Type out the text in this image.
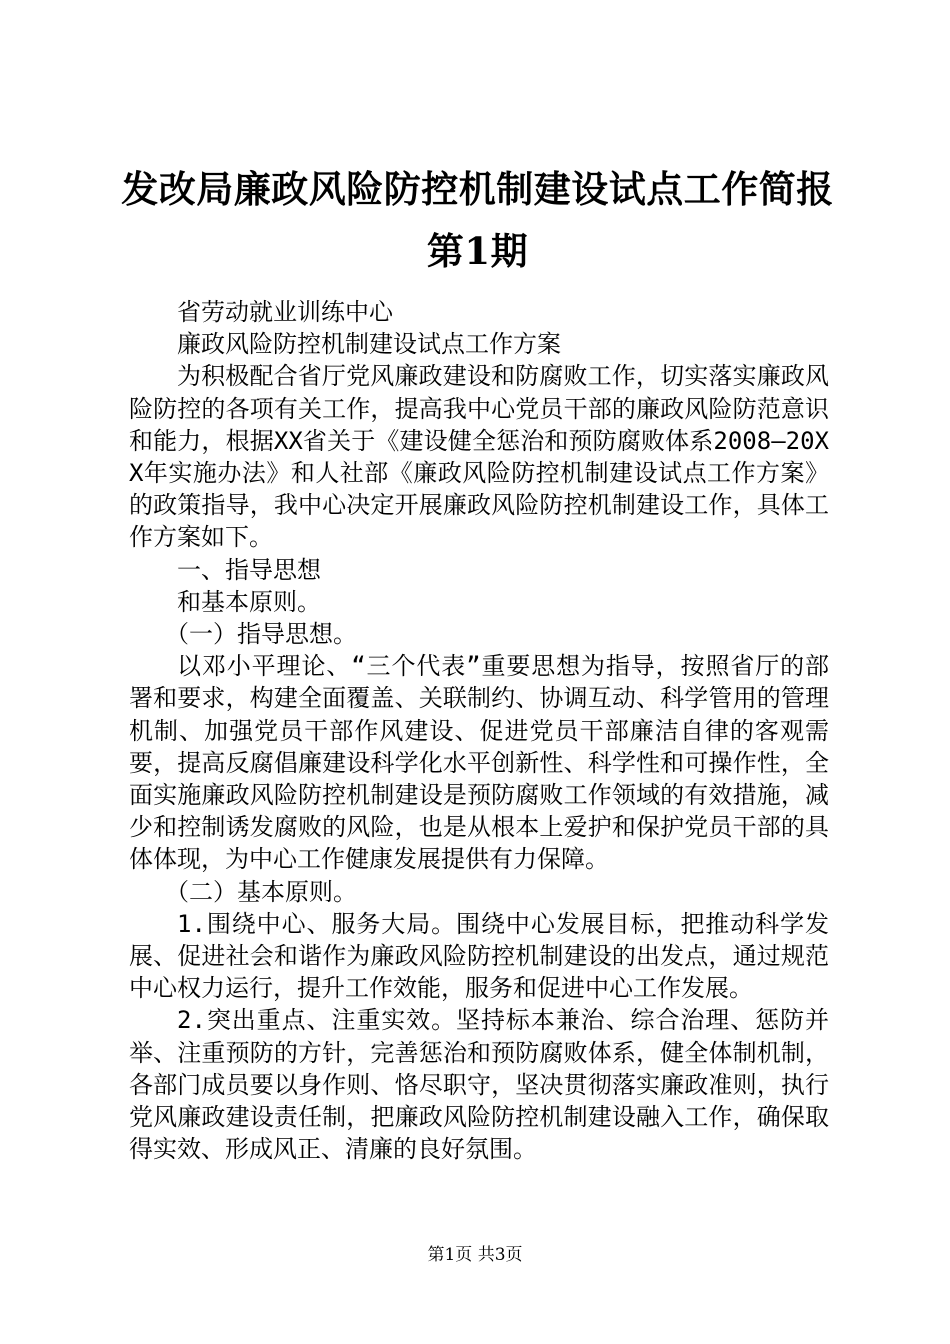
发改局廉政风险防控机制建设试点工作简报第1期

省劳动就业训练中心

廉政风险防控机制建设试点工作方案

为积极配合省厅党风廉政建设和防腐败工作，切实落实廉政风险防控的各项有关工作，提高我中心党员干部的廉政风险防范意识和能力，根据XX省关于《建设健全惩治和预防腐败体系2008—20XX年实施办法》和人社部《廉政风险防控机制建设试点工作方案》的政策指导，我中心决定开展廉政风险防控机制建设工作，具体工作方案如下。

一、指导思想

和基本原则。

（一）指导思想。

以邓小平理论、“三个代表”重要思想为指导，按照省厅的部署和要求，构建全面覆盖、关联制约、协调互动、科学管用的管理机制、加强党员干部作风建设、促进党员干部廉洁自律的客观需要，提高反腐倡廉建设科学化水平创新性、科学性和可操作性，全面实施廉政风险防控机制建设是预防腐败工作领域的有效措施，减少和控制诱发腐败的风险，也是从根本上爱护和保护党员干部的具体体现，为中心工作健康发展提供有力保障。

（二）基本原则。

1.围绕中心、服务大局。围绕中心发展目标，把推动科学发展、促进社会和谐作为廉政风险防控机制建设的出发点，通过规范中心权力运行，提升工作效能，服务和促进中心工作发展。

2.突出重点、注重实效。坚持标本兼治、综合治理、惩防并举、注重预防的方针，完善惩治和预防腐败体系，健全体制机制，各部门成员要以身作则、恪尽职守，坚决贯彻落实廉政准则，执行党风廉政建设责任制，把廉政风险防控机制建设融入工作，确保取得实效、形成风正、清廉的良好氛围。

第1页 共3页
